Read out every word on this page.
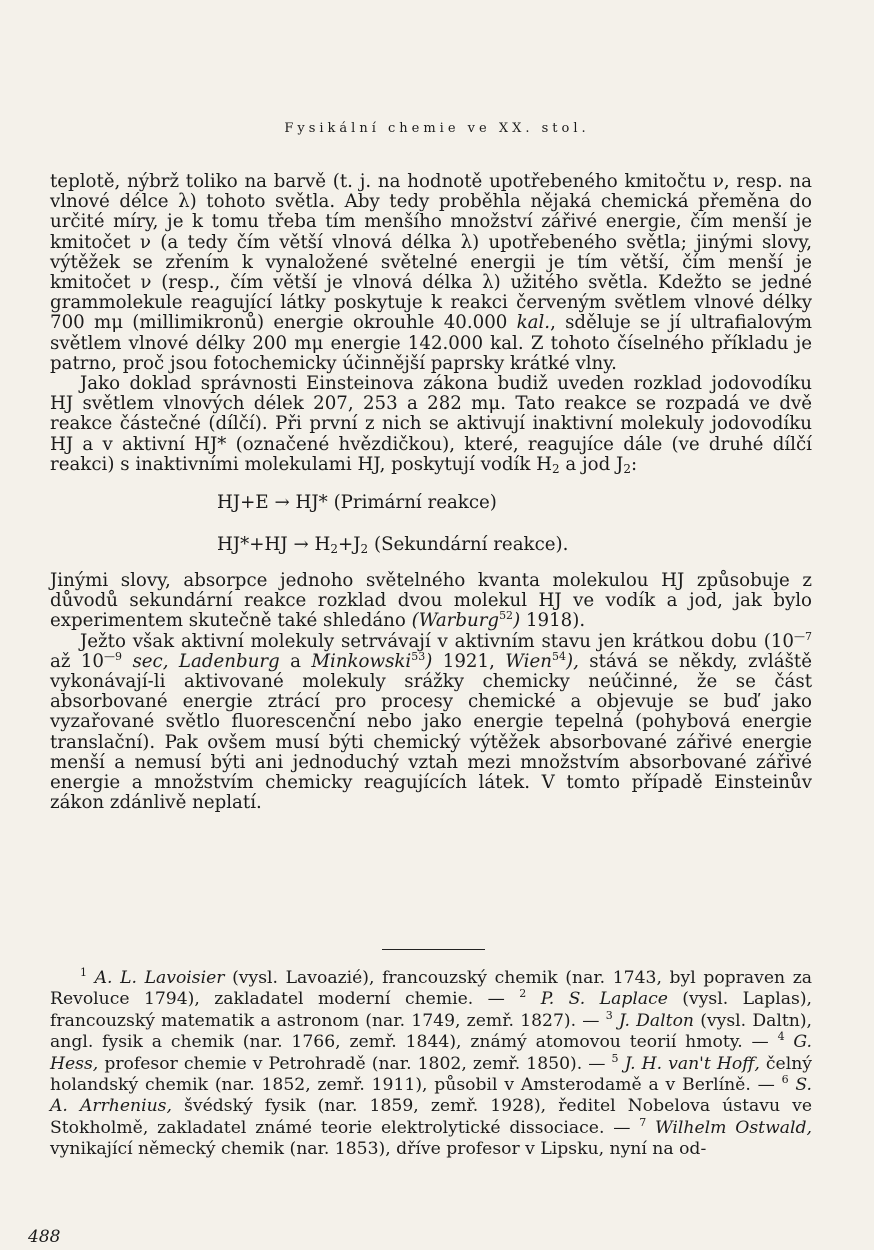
Fysikální chemie ve XX. stol.

teplotě, nýbrž toliko na barvě (t. j. na hodnotě upotřebeného kmitočtu ν, resp. na vlnové délce λ) tohoto světla. Aby tedy proběhla nějaká chemická přeměna do určité míry, je k tomu třeba tím menšího množství zářivé energie, čím menší je kmitočet ν (a tedy čím větší vlnová délka λ) upotřebeného světla; jinými slovy, výtěžek se zřením k vynaložené světelné energii je tím větší, čím menší je kmitočet ν (resp., čím větší je vlnová délka λ) užitého světla. Kdežto se jedné grammolekule reagující látky poskytuje k reakci červeným světlem vlnové délky 700 mμ (millimikronů) energie okrouhle 40.000 kal., sděluje se jí ultrafialovým světlem vlnové délky 200 mμ energie 142.000 kal. Z tohoto číselného příkladu je patrno, proč jsou fotochemicky účinnější paprsky krátké vlny.

Jako doklad správnosti Einsteinova zákona budiž uveden rozklad jodovodíku HJ světlem vlnových délek 207, 253 a 282 mμ. Tato reakce se rozpadá ve dvě reakce částečné (dílčí). Při první z nich se aktivují inaktivní molekuly jodovodíku HJ a v aktivní HJ* (označené hvězdičkou), které, reagujíce dále (ve druhé dílčí reakci) s inaktivními molekulami HJ, poskytují vodík $H_2$ a jod $J_2$:

HJ+E → HJ* (Primární reakce)
$HJ*+HJ \to H_2+J_2$ (Sekundární reakce).

Jinými slovy, absorpce jednoho světelného kvanta molekulou HJ způsobuje z důvodů sekundární reakce rozklad dvou molekul HJ ve vodík a jod, jak bylo experimentem skutečně také shledáno (Warburg$^{52}$) 1918).

Ježto však aktivní molekuly setrvávají v aktivním stavu jen krátkou dobu ($10^{—7}$ až $10^{—9}$ sec, Ladenburg a Minkowski$^{53}$) 1921, Wien$^{54}$), stává se někdy, zvláště vykonávají-li aktivované molekuly srážky chemicky neúčinné, že se část absorbované energie ztrácí pro procesy chemické a objevuje se buď jako vyzařované světlo fluorescenční nebo jako energie tepelná (pohybová energie translační). Pak ovšem musí býti chemický výtěžek absorbované zářivé energie menší a nemusí býti ani jednoduchý vztah mezi množstvím absorbované zářivé energie a množstvím chemicky reagujících látek. V tomto případě Einsteinův zákon zdánlivě neplatí.

$^1$ A. L. Lavoisier (vysl. Lavoazié), francouzský chemik (nar. 1743, byl popraven za Revoluce 1794), zakladatel moderní chemie. — $^2$ P. S. Laplace (vysl. Laplas), francouzský matematik a astronom (nar. 1749, zemř. 1827). — $^3$ J. Dalton (vysl. Daltn), angl. fysik a chemik (nar. 1766, zemř. 1844), známý atomovou teorií hmoty. — $^4$ G. Hess, profesor chemie v Petrohradě (nar. 1802, zemř. 1850). — $^5$ J. H. van't Hoff, čelný holandský chemik (nar. 1852, zemř. 1911), působil v Amsterodamě a v Berlíně. — $^6$ S. A. Arrhenius, švédský fysik (nar. 1859, zemř. 1928), ředitel Nobelova ústavu ve Stokholmě, zakladatel známé teorie elektrolytické dissociace. — $^7$ Wilhelm Ostwald, vynikající německý chemik (nar. 1853), dříve profesor v Lipsku, nyní na od-

488
